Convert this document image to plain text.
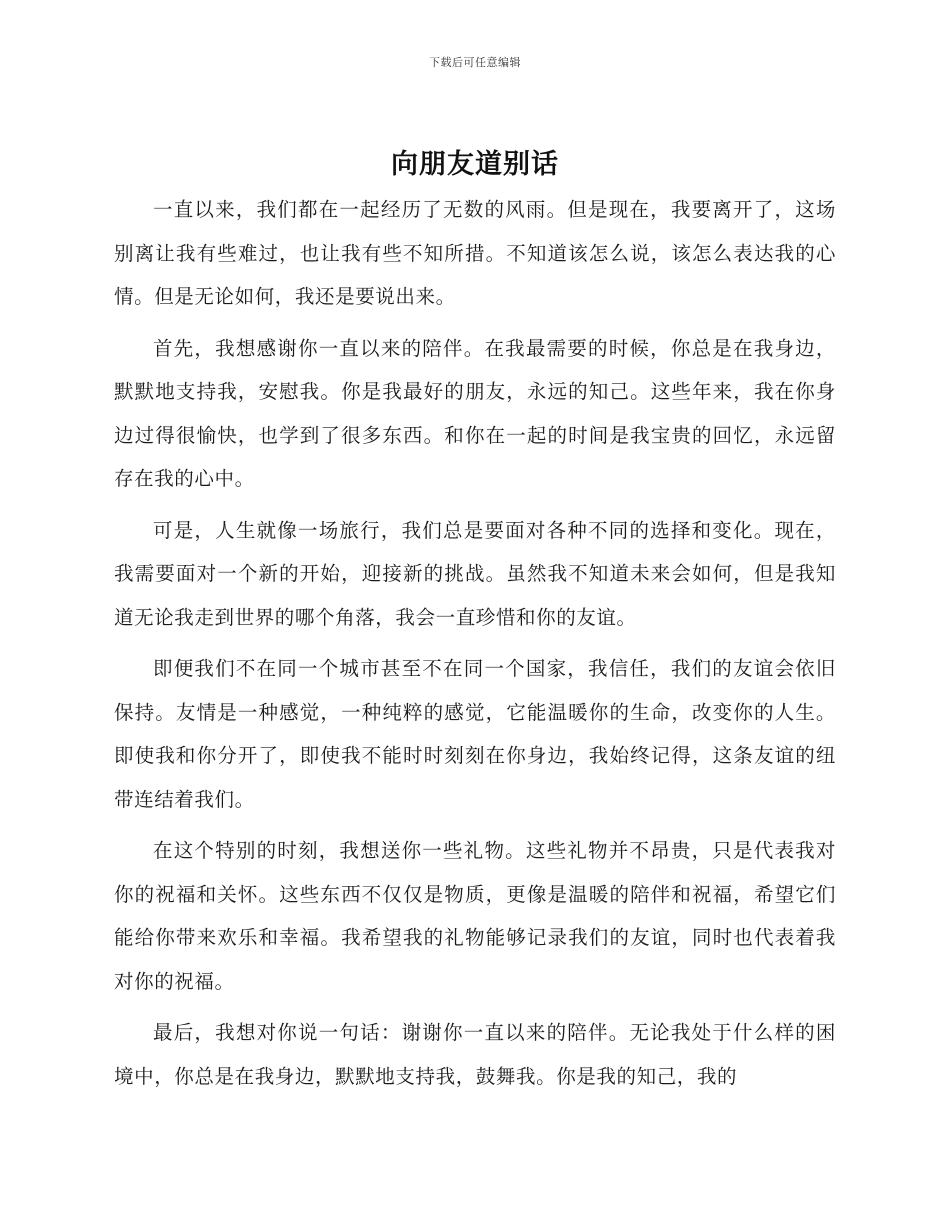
下载后可任意编辑
向朋友道别话

一直以来，我们都在一起经历了无数的风雨。但是现在，我要离开了，这场别离让我有些难过，也让我有些不知所措。不知道该怎么说，该怎么表达我的心情。但是无论如何，我还是要说出来。

首先，我想感谢你一直以来的陪伴。在我最需要的时候，你总是在我身边，默默地支持我，安慰我。你是我最好的朋友，永远的知己。这些年来，我在你身边过得很愉快，也学到了很多东西。和你在一起的时间是我宝贵的回忆，永远留存在我的心中。

可是，人生就像一场旅行，我们总是要面对各种不同的选择和变化。现在，我需要面对一个新的开始，迎接新的挑战。虽然我不知道未来会如何，但是我知道无论我走到世界的哪个角落，我会一直珍惜和你的友谊。

即便我们不在同一个城市甚至不在同一个国家，我信任，我们的友谊会依旧保持。友情是一种感觉，一种纯粹的感觉，它能温暖你的生命，改变你的人生。即使我和你分开了，即使我不能时时刻刻在你身边，我始终记得，这条友谊的纽带连结着我们。

在这个特别的时刻，我想送你一些礼物。这些礼物并不昂贵，只是代表我对你的祝福和关怀。这些东西不仅仅是物质，更像是温暖的陪伴和祝福，希望它们能给你带来欢乐和幸福。我希望我的礼物能够记录我们的友谊，同时也代表着我对你的祝福。

最后，我想对你说一句话：谢谢你一直以来的陪伴。无论我处于什么样的困境中，你总是在我身边，默默地支持我，鼓舞我。你是我的知己，我的
